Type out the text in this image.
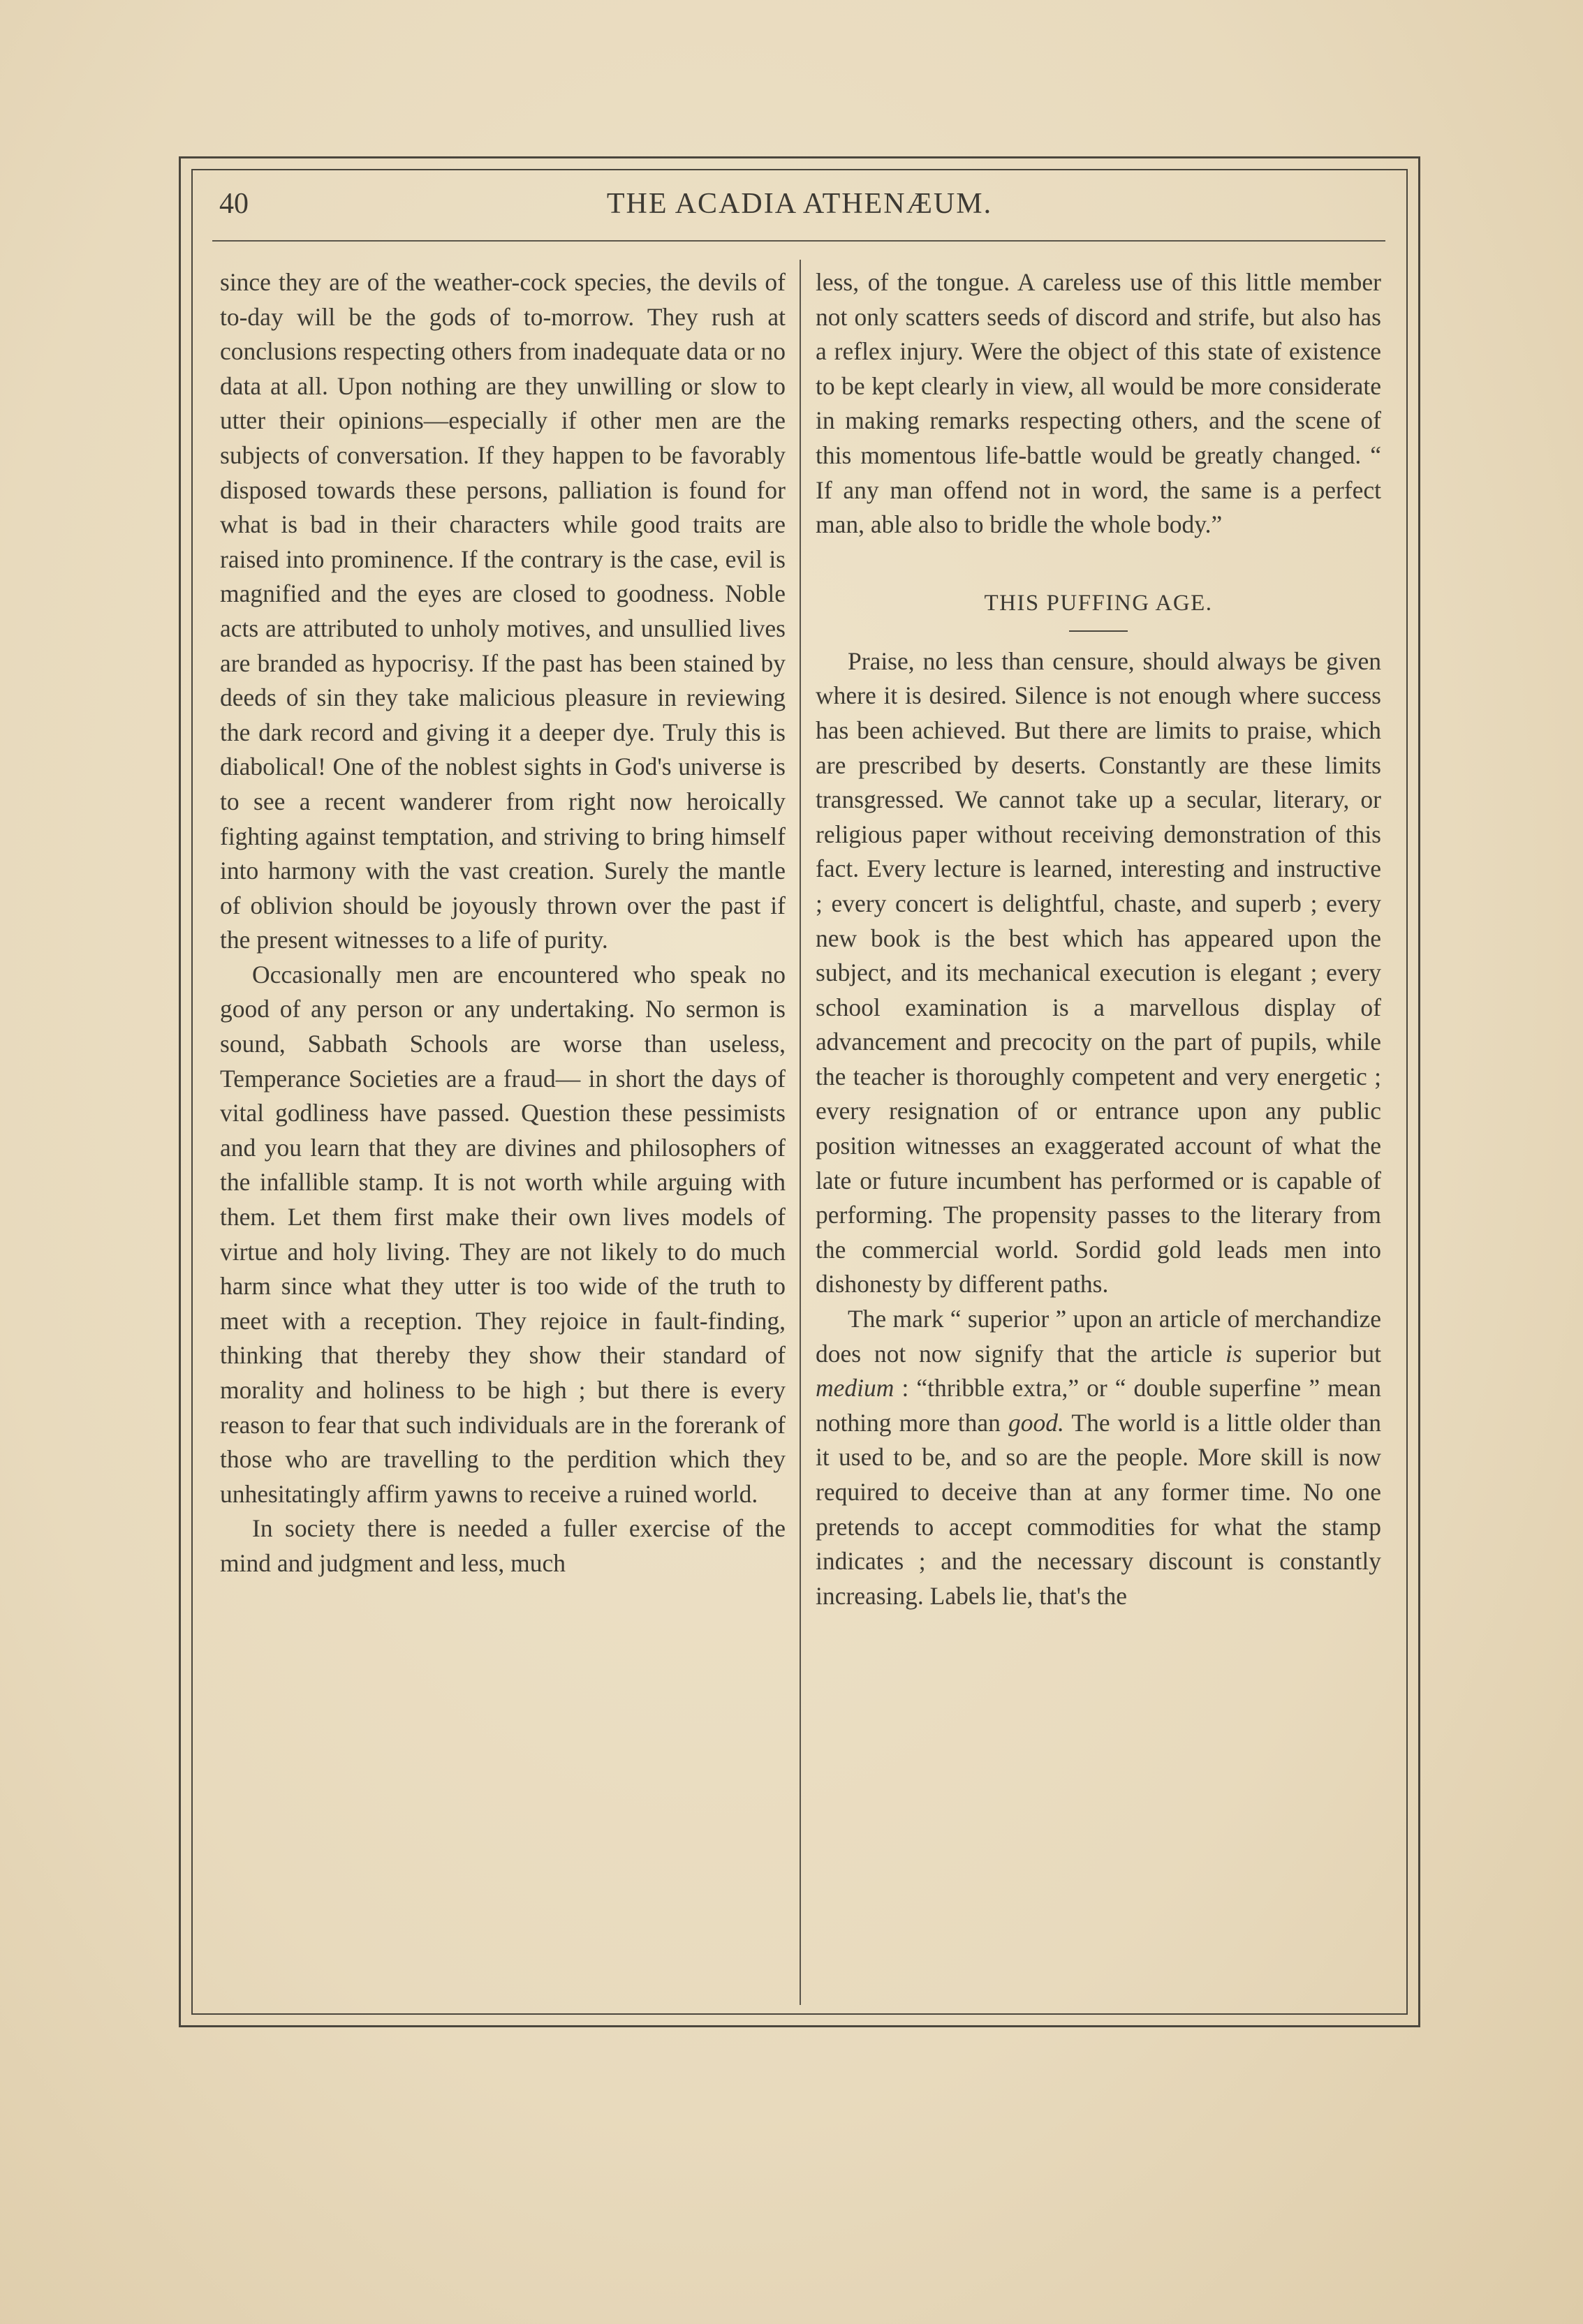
40	THE ACADIA ATHENÆUM.

since they are of the weather-cock species, the devils of to-day will be the gods of to-morrow. They rush at conclusions respecting others from inadequate data or no data at all. Upon nothing are they unwilling or slow to utter their opinions—especially if other men are the subjects of conversation. If they happen to be favorably disposed towards these persons, palliation is found for what is bad in their characters while good traits are raised into prominence. If the contrary is the case, evil is magnified and the eyes are closed to goodness. Noble acts are attributed to unholy motives, and unsullied lives are branded as hypocrisy. If the past has been stained by deeds of sin they take malicious pleasure in reviewing the dark record and giving it a deeper dye. Truly this is diabolical! One of the noblest sights in God's universe is to see a recent wanderer from right now heroically fighting against temptation, and striving to bring himself into harmony with the vast creation. Surely the mantle of oblivion should be joyously thrown over the past if the present witnesses to a life of purity.

Occasionally men are encountered who speak no good of any person or any undertaking. No sermon is sound, Sabbath Schools are worse than useless, Temperance Societies are a fraud— in short the days of vital godliness have passed. Question these pessimists and you learn that they are divines and philosophers of the infallible stamp. It is not worth while arguing with them. Let them first make their own lives models of virtue and holy living. They are not likely to do much harm since what they utter is too wide of the truth to meet with a reception. They rejoice in fault-finding, thinking that thereby they show their standard of morality and holiness to be high ; but there is every reason to fear that such individuals are in the forerank of those who are travelling to the perdition which they unhesitatingly affirm yawns to receive a ruined world.

In society there is needed a fuller exercise of the mind and judgment and less, much

less, of the tongue. A careless use of this little member not only scatters seeds of discord and strife, but also has a reflex injury. Were the object of this state of existence to be kept clearly in view, all would be more considerate in making remarks respecting others, and the scene of this momentous life-battle would be greatly changed. “ If any man offend not in word, the same is a perfect man, able also to bridle the whole body.”

THIS PUFFING AGE.

Praise, no less than censure, should always be given where it is desired. Silence is not enough where success has been achieved. But there are limits to praise, which are prescribed by deserts. Constantly are these limits transgressed. We cannot take up a secular, literary, or religious paper without receiving demonstration of this fact. Every lecture is learned, interesting and instructive ; every concert is delightful, chaste, and superb ; every new book is the best which has appeared upon the subject, and its mechanical execution is elegant ; every school examination is a marvellous display of advancement and precocity on the part of pupils, while the teacher is thoroughly competent and very energetic ; every resignation of or entrance upon any public position witnesses an exaggerated account of what the late or future incumbent has performed or is capable of performing. The propensity passes to the literary from the commercial world. Sordid gold leads men into dishonesty by different paths.

The mark “ superior ” upon an article of merchandize does not now signify that the article is superior but medium : “thribble extra,” or “ double superfine ” mean nothing more than good. The world is a little older than it used to be, and so are the people. More skill is now required to deceive than at any former time. No one pretends to accept commodities for what the stamp indicates ; and the necessary discount is constantly increasing. Labels lie, that's the
